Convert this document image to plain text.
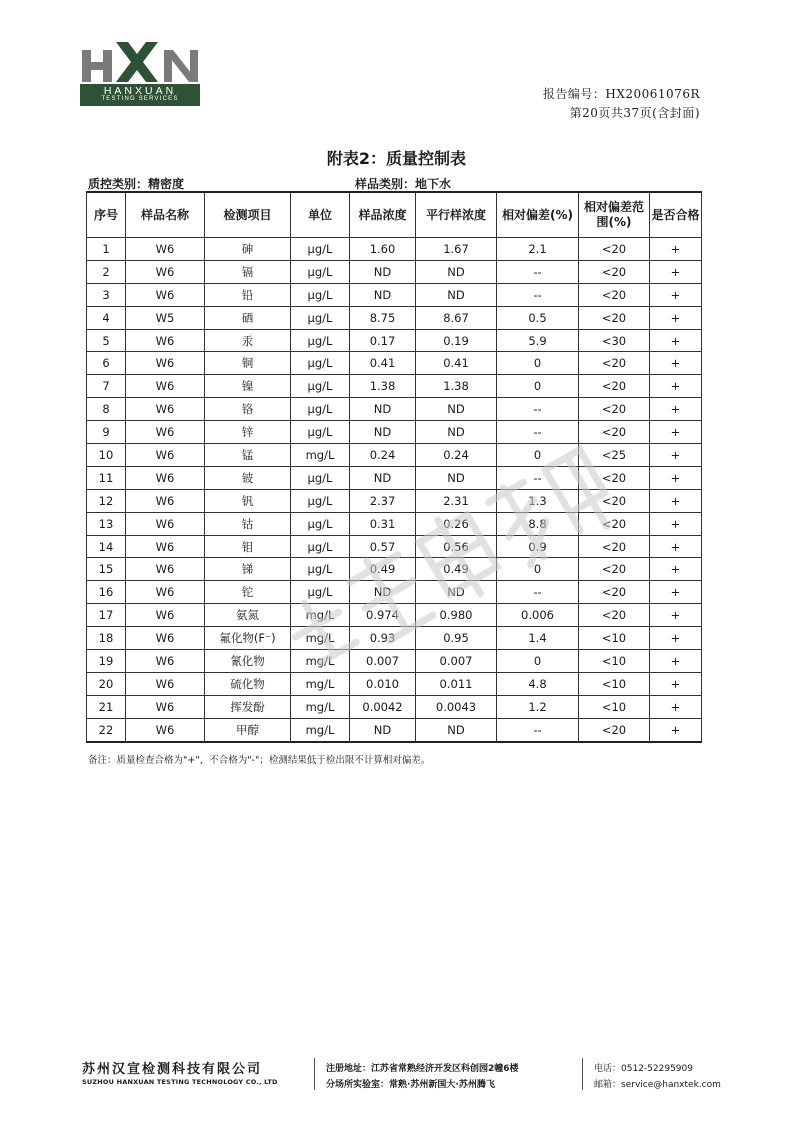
HANXUAN
TESTING SERVICES	报告编号：HX20061076R
第20页共37页(含封面)
附表2：质量控制表
质控类别：精密度	样品类别：地下水
序号	样品名称	检测项目	单位	样品浓度	平行样浓度	相对偏差(%)	相对偏差范围(%)	是否合格
1	W6	砷	μg/L	1.60	1.67	2.1	<20	+
2	W6	镉	μg/L	ND	ND	--	<20	+
3	W6	铅	μg/L	ND	ND	--	<20	+
4	W5	硒	μg/L	8.75	8.67	0.5	<20	+
5	W6	汞	μg/L	0.17	0.19	5.9	<30	+
6	W6	铜	μg/L	0.41	0.41	0	<20	+
7	W6	镍	μg/L	1.38	1.38	0	<20	+
8	W6	铬	μg/L	ND	ND	--	<20	+
9	W6	锌	μg/L	ND	ND	--	<20	+
10	W6	锰	mg/L	0.24	0.24	0	<25	+
11	W6	铍	μg/L	ND	ND	--	<20	+
12	W6	钒	μg/L	2.37	2.31	1.3	<20	+
13	W6	钴	μg/L	0.31	0.26	8.8	<20	+
14	W6	钼	μg/L	0.57	0.56	0.9	<20	+
15	W6	锑	μg/L	0.49	0.49	0	<20	+
16	W6	铊	μg/L	ND	ND	--	<20	+
17	W6	氨氮	mg/L	0.974	0.980	0.006	<20	+
18	W6	氟化物(F⁻)	mg/L	0.93	0.95	1.4	<10	+
19	W6	氰化物	mg/L	0.007	0.007	0	<10	+
20	W6	硫化物	mg/L	0.010	0.011	4.8	<10	+
21	W6	挥发酚	mg/L	0.0042	0.0043	1.2	<10	+
22	W6	甲醇	mg/L	ND	ND	--	<20	+
备注：质量检查合格为"+"，不合格为"-"；检测结果低于检出限不计算相对偏差。
苏州汉宣检测科技有限公司
SUZHOU HANXUAN TESTING TECHNOLOGY CO., LTD
注册地址：江苏省常熟经济开发区科创园2幢6楼
分场所实验室：常熟·苏州新国大·苏州腾飞
电话：0512-52295909
邮箱：service@hanxtek.com
